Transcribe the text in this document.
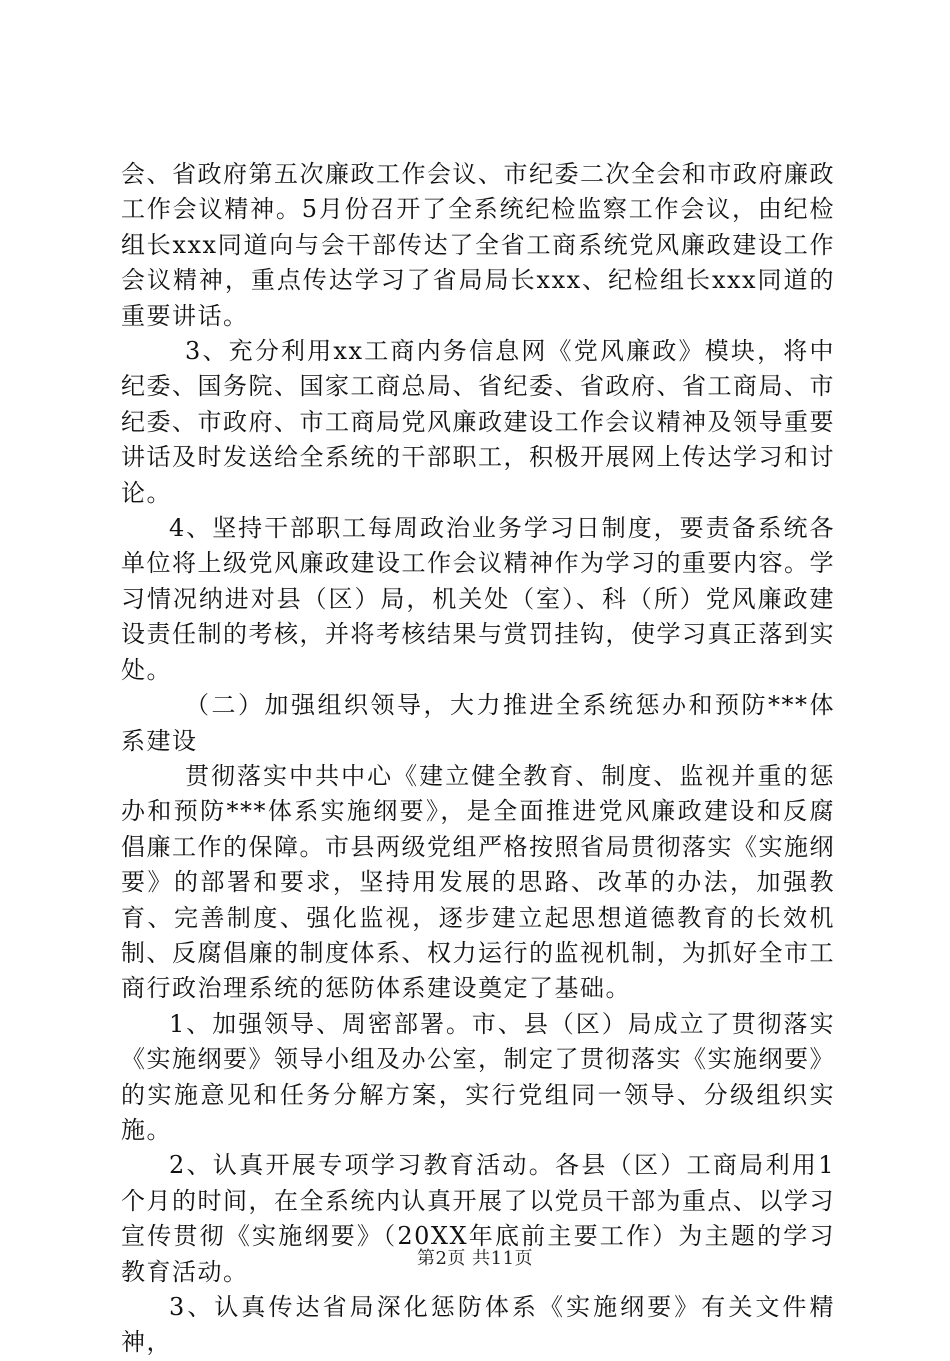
会、省政府第五次廉政工作会议、市纪委二次全会和市政府廉政工作会议精神。5月份召开了全系统纪检监察工作会议，由纪检组长xxx同道向与会干部传达了全省工商系统党风廉政建设工作会议精神，重点传达学习了省局局长xxx、纪检组长xxx同道的重要讲话。

3、充分利用xx工商内务信息网《党风廉政》模块，将中纪委、国务院、国家工商总局、省纪委、省政府、省工商局、市纪委、市政府、市工商局党风廉政建设工作会议精神及领导重要讲话及时发送给全系统的干部职工，积极开展网上传达学习和讨论。

4、坚持干部职工每周政治业务学习日制度，要责备系统各单位将上级党风廉政建设工作会议精神作为学习的重要内容。学习情况纳进对县（区）局，机关处（室）、科（所）党风廉政建设责任制的考核，并将考核结果与赏罚挂钩，使学习真正落到实处。

（二）加强组织领导，大力推进全系统惩办和预防***体系建设

贯彻落实中共中心《建立健全教育、制度、监视并重的惩办和预防***体系实施纲要》，是全面推进党风廉政建设和反腐倡廉工作的保障。市县两级党组严格按照省局贯彻落实《实施纲要》的部署和要求，坚持用发展的思路、改革的办法，加强教育、完善制度、强化监视，逐步建立起思想道德教育的长效机制、反腐倡廉的制度体系、权力运行的监视机制，为抓好全市工商行政治理系统的惩防体系建设奠定了基础。

1、加强领导、周密部署。市、县（区）局成立了贯彻落实《实施纲要》领导小组及办公室，制定了贯彻落实《实施纲要》的实施意见和任务分解方案，实行党组同一领导、分级组织实施。

2、认真开展专项学习教育活动。各县（区）工商局利用1个月的时间，在全系统内认真开展了以党员干部为重点、以学习宣传贯彻《实施纲要》（20XX年底前主要工作）为主题的学习教育活动。

3、认真传达省局深化惩防体系《实施纲要》有关文件精神，

第2页 共11页
